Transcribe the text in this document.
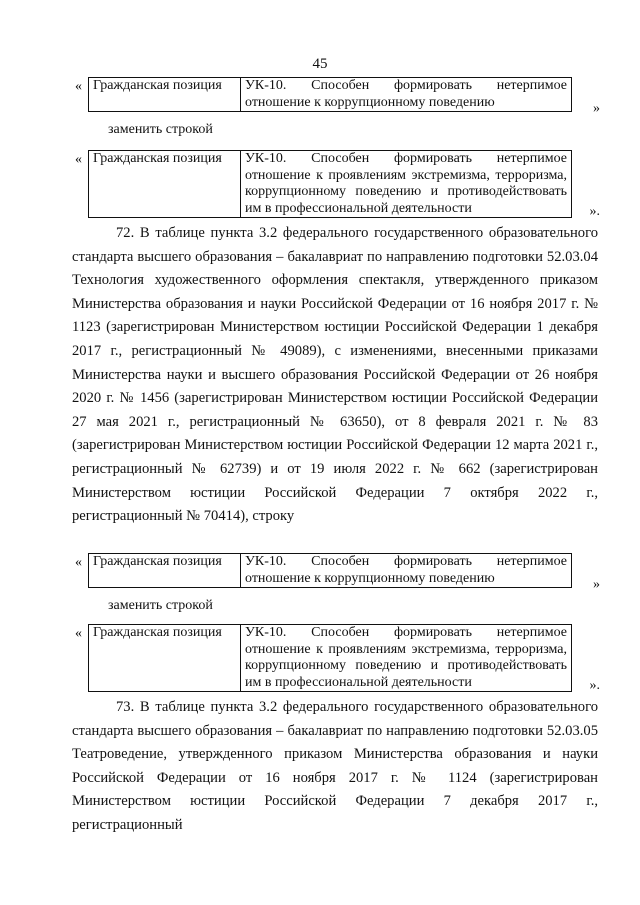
45
« Гражданская позиция	УК-10. Способен формировать нетерпимое отношение к коррупционному поведению	»
заменить строкой
« Гражданская позиция	УК-10. Способен формировать нетерпимое отношение к проявлениям экстремизма, терроризма, коррупционному поведению и противодействовать им в профессиональной деятельности	».

72. В таблице пункта 3.2 федерального государственного образовательного стандарта высшего образования – бакалавриат по направлению подготовки 52.03.04 Технология художественного оформления спектакля, утвержденного приказом Министерства образования и науки Российской Федерации от 16 ноября 2017 г. № 1123 (зарегистрирован Министерством юстиции Российской Федерации 1 декабря 2017 г., регистрационный № 49089), с изменениями, внесенными приказами Министерства науки и высшего образования Российской Федерации от 26 ноября 2020 г. № 1456 (зарегистрирован Министерством юстиции Российской Федерации 27 мая 2021 г., регистрационный № 63650), от 8 февраля 2021 г. № 83 (зарегистрирован Министерством юстиции Российской Федерации 12 марта 2021 г., регистрационный № 62739) и от 19 июля 2022 г. № 662 (зарегистрирован Министерством юстиции Российской Федерации 7 октября 2022 г., регистрационный № 70414), строку

« Гражданская позиция	УК-10. Способен формировать нетерпимое отношение к коррупционному поведению	»
заменить строкой
« Гражданская позиция	УК-10. Способен формировать нетерпимое отношение к проявлениям экстремизма, терроризма, коррупционному поведению и противодействовать им в профессиональной деятельности	».

73. В таблице пункта 3.2 федерального государственного образовательного стандарта высшего образования – бакалавриат по направлению подготовки 52.03.05 Театроведение, утвержденного приказом Министерства образования и науки Российской Федерации от 16 ноября 2017 г. № 1124 (зарегистрирован Министерством юстиции Российской Федерации 7 декабря 2017 г., регистрационный
